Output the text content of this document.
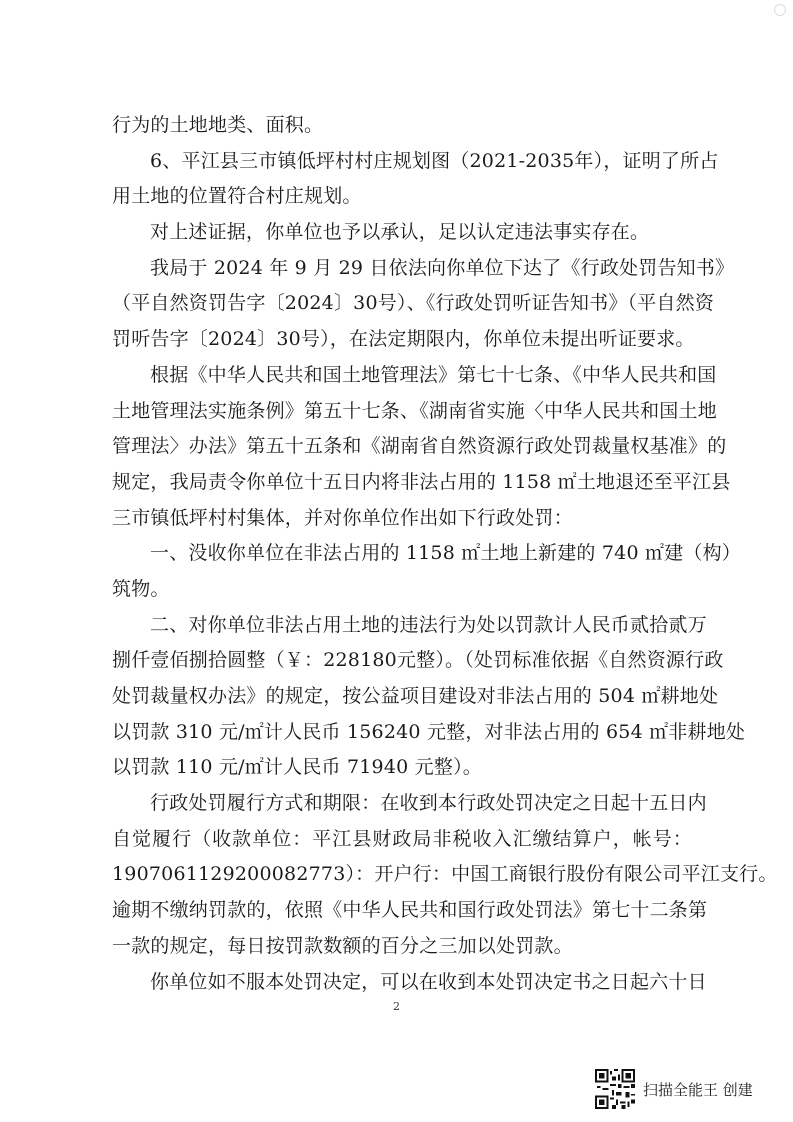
行为的土地地类、面积。
6、平江县三市镇低坪村村庄规划图（2021-2035年），证明了所占
用土地的位置符合村庄规划。
对上述证据，你单位也予以承认，足以认定违法事实存在。
我局于 2024 年 9 月 29 日依法向你单位下达了《行政处罚告知书》
（平自然资罚告字〔2024〕30号）、《行政处罚听证告知书》（平自然资
罚听告字〔2024〕30号），在法定期限内，你单位未提出听证要求。
根据《中华人民共和国土地管理法》第七十七条、《中华人民共和国
土地管理法实施条例》第五十七条、《湖南省实施〈中华人民共和国土地
管理法〉办法》第五十五条和《湖南省自然资源行政处罚裁量权基准》的
规定，我局责令你单位十五日内将非法占用的 1158 ㎡土地退还至平江县
三市镇低坪村村集体，并对你单位作出如下行政处罚：
一、没收你单位在非法占用的 1158 ㎡土地上新建的 740 ㎡建（构）
筑物。
二、对你单位非法占用土地的违法行为处以罚款计人民币贰拾贰万
捌仟壹佰捌拾圆整（￥：228180元整）。（处罚标准依据《自然资源行政
处罚裁量权办法》的规定，按公益项目建设对非法占用的 504 ㎡耕地处
以罚款 310 元/㎡计人民币 156240 元整，对非法占用的 654 ㎡非耕地处
以罚款 110 元/㎡计人民币 71940 元整）。
行政处罚履行方式和期限：在收到本行政处罚决定之日起十五日内
自觉履行（收款单位：平江县财政局非税收入汇缴结算户，帐号：
1907061129200082773）：开户行：中国工商银行股份有限公司平江支行。
逾期不缴纳罚款的，依照《中华人民共和国行政处罚法》第七十二条第
一款的规定，每日按罚款数额的百分之三加以处罚款。
你单位如不服本处罚决定，可以在收到本处罚决定书之日起六十日
2
扫描全能王 创建
